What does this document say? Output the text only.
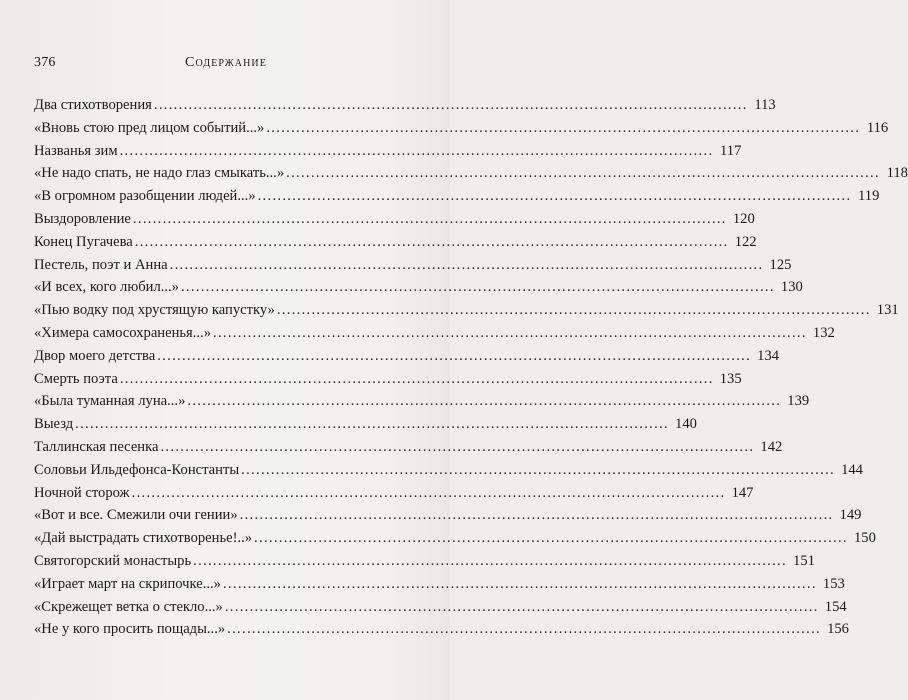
376	Содержание
Два стихотворения ........................................................................................................................ 113
«Вновь стою пред лицом событий...» ........................................................................................................................ 116
Названья зим ........................................................................................................................ 117
«Не надо спать, не надо глаз смыкать...» ........................................................................................................................ 118
«В огромном разобщении людей...» ........................................................................................................................ 119
Выздоровление ........................................................................................................................ 120
Конец Пугачева ........................................................................................................................ 122
Пестель, поэт и Анна ........................................................................................................................ 125
«И всех, кого любил...» ........................................................................................................................ 130
«Пью водку под хрустящую капустку» ........................................................................................................................ 131
«Химера самосохраненья...» ........................................................................................................................ 132
Двор моего детства ........................................................................................................................ 134
Смерть поэта ........................................................................................................................ 135
«Была туманная луна...» ........................................................................................................................ 139
Выезд ........................................................................................................................ 140
Таллинская песенка ........................................................................................................................ 142
Соловьи Ильдефонса-Константы ........................................................................................................................ 144
Ночной сторож ........................................................................................................................ 147
«Вот и все. Смежили очи гении» ........................................................................................................................ 149
«Дай выстрадать стихотворенье!..» ........................................................................................................................ 150
Святогорский монастырь ........................................................................................................................ 151
«Играет март на скрипочке...» ........................................................................................................................ 153
«Скрежещет ветка о стекло...» ........................................................................................................................ 154
«Не у кого просить пощады...» ........................................................................................................................ 156
